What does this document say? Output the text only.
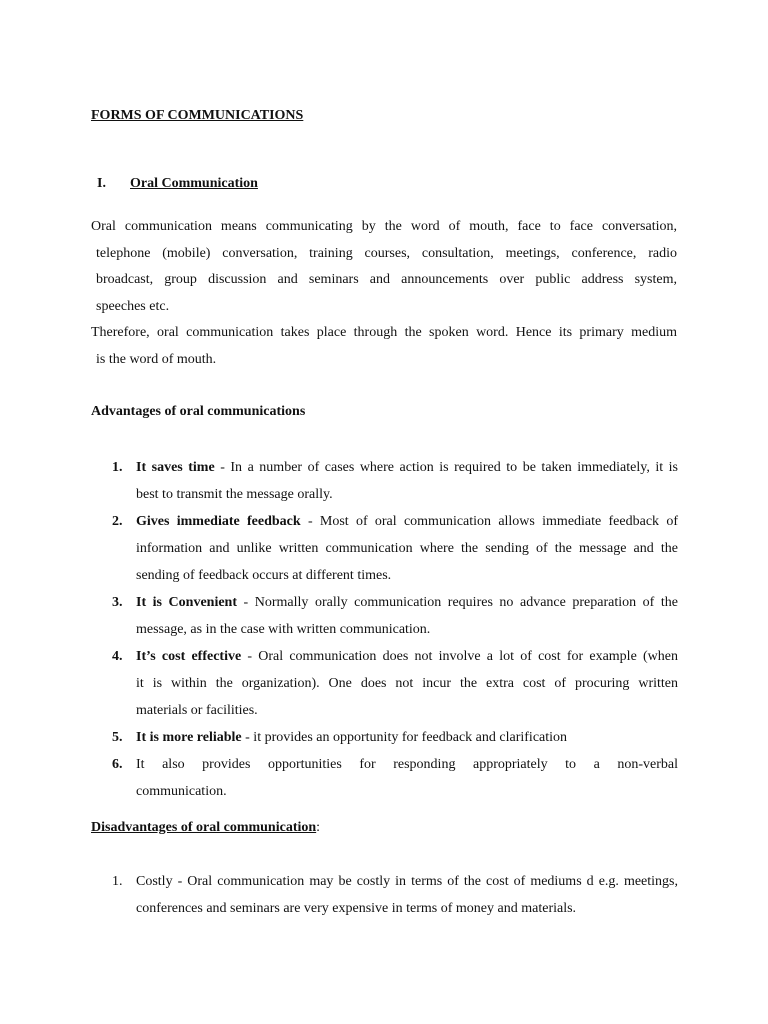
FORMS OF COMMUNICATIONS
I. Oral Communication
Oral communication means communicating by the word of mouth, face to face conversation,
telephone (mobile) conversation, training courses, consultation, meetings, conference, radio
broadcast, group discussion and seminars and announcements over public address system,
speeches etc.
Therefore, oral communication takes place through the spoken word. Hence its primary medium
is the word of mouth.
Advantages of oral communications
1. It saves time - In a number of cases where action is required to be taken immediately, it is
best to transmit the message orally.
2. Gives immediate feedback - Most of oral communication allows immediate feedback of
information and unlike written communication where the sending of the message and the
sending of feedback occurs at different times.
3. It is Convenient - Normally orally communication requires no advance preparation of the
message, as in the case with written communication.
4. It’s cost effective - Oral communication does not involve a lot of cost for example (when
it is within the organization). One does not incur the extra cost of procuring written
materials or facilities.
5. It is more reliable - it provides an opportunity for feedback and clarification
6. It also provides opportunities for responding appropriately to a non-verbal
communication.
Disadvantages of oral communication:
1. Costly - Oral communication may be costly in terms of the cost of mediums d e.g. meetings,
conferences and seminars are very expensive in terms of money and materials.
